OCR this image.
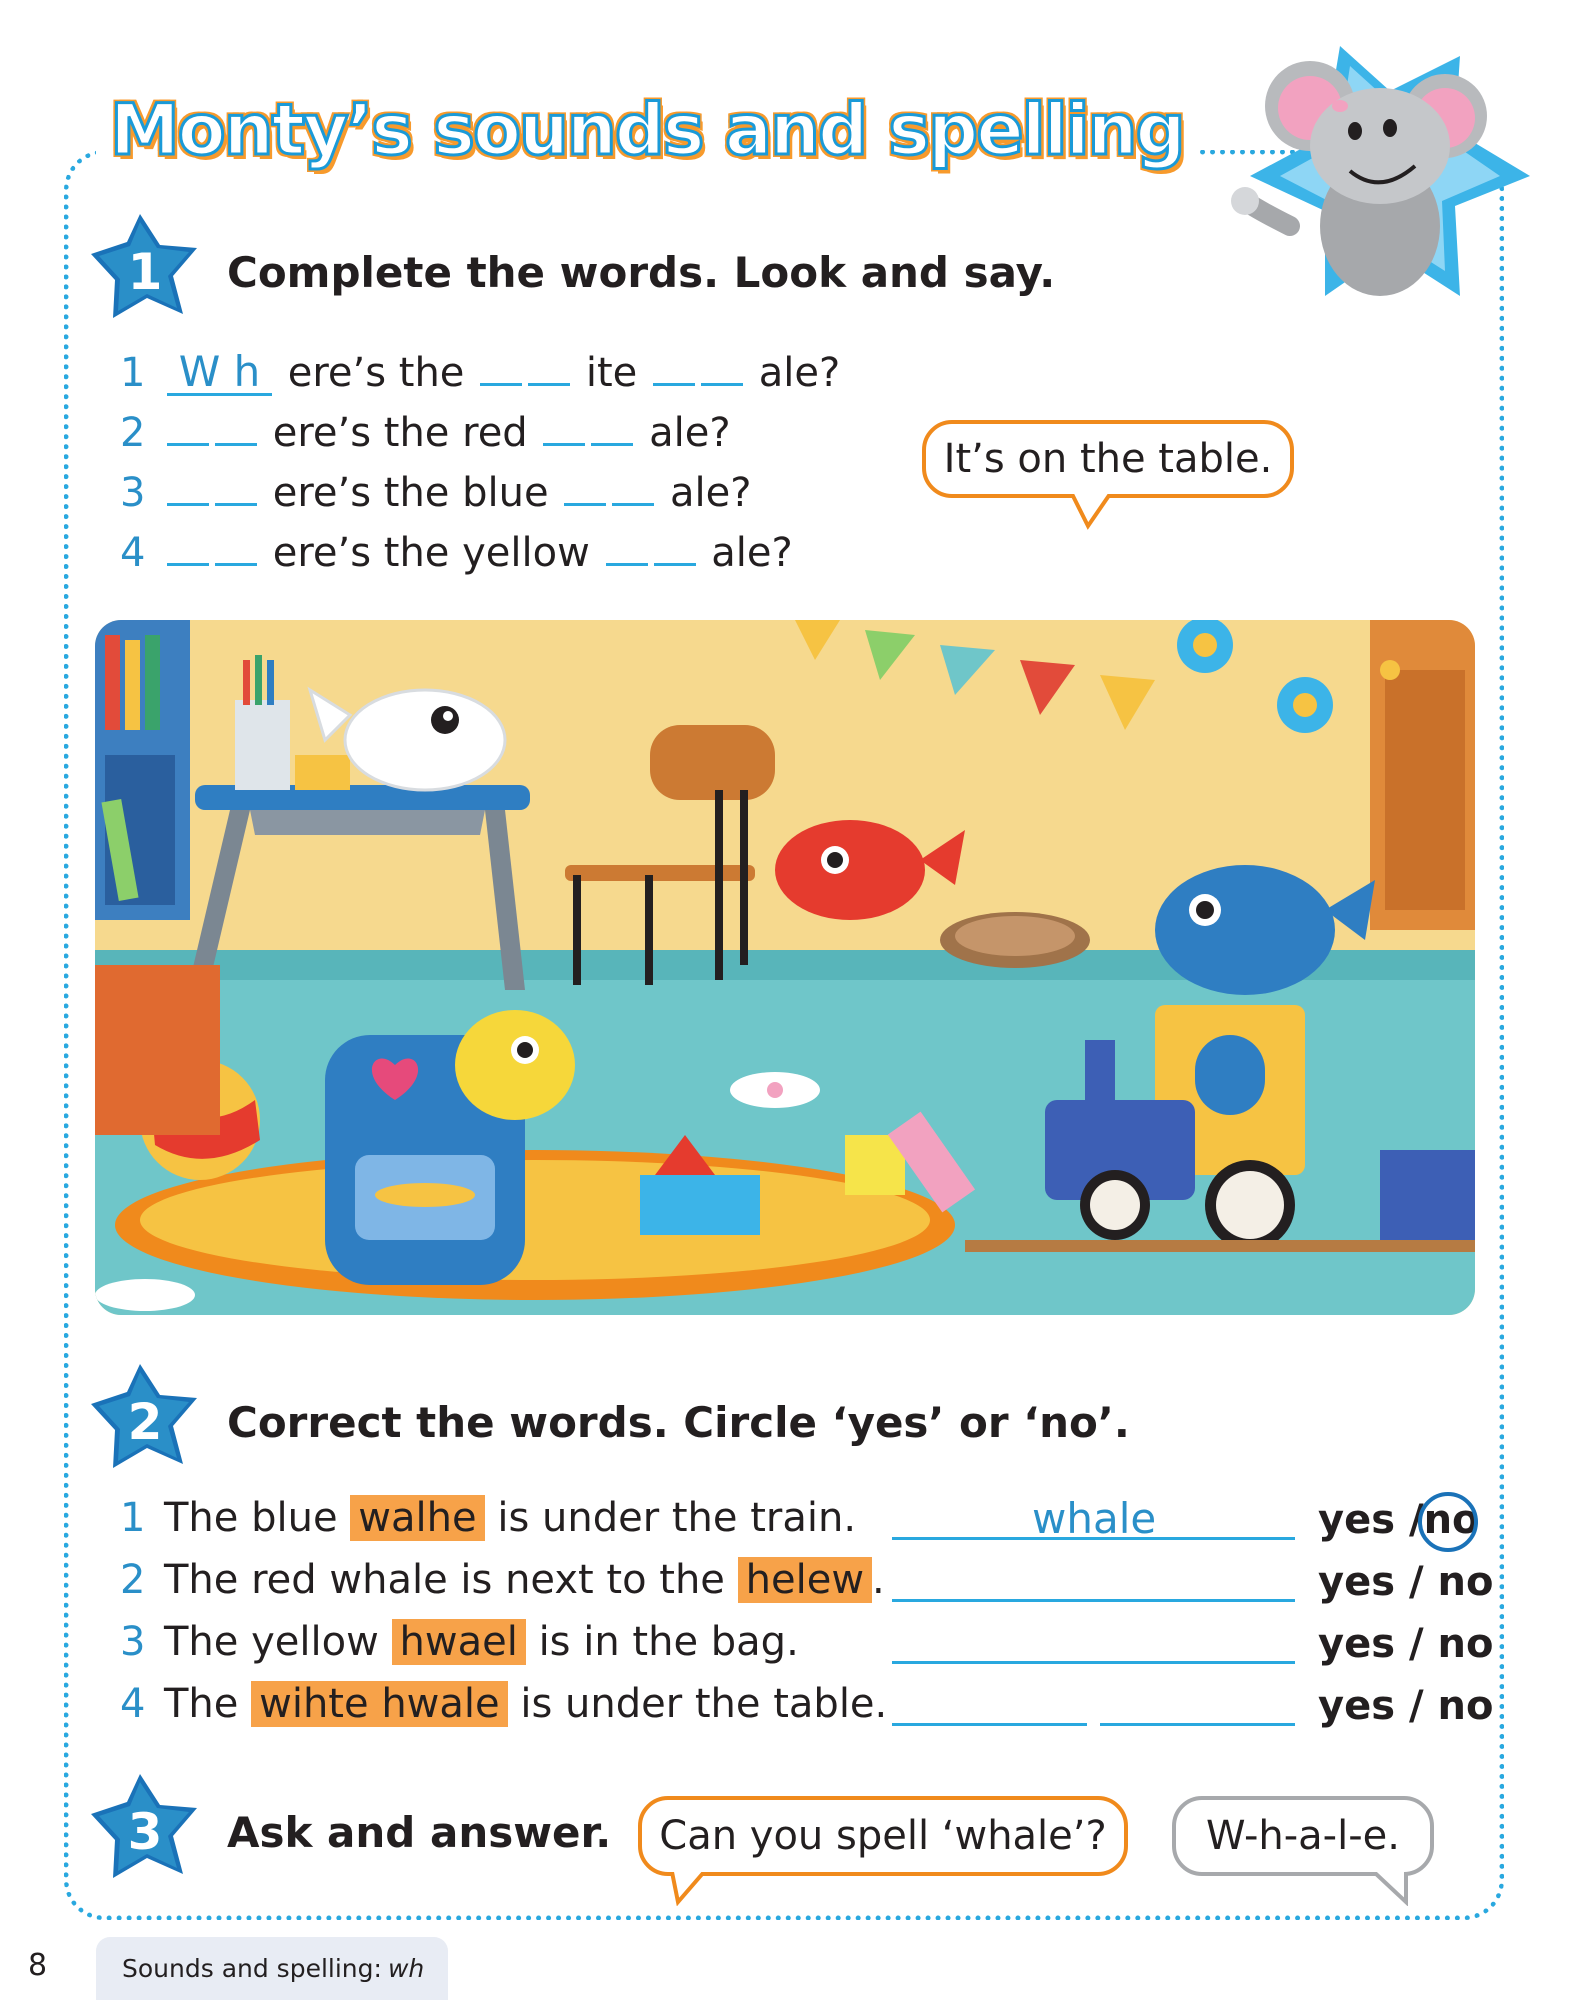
Monty’s sounds and spelling
1	Complete the words. Look and say.
1 W h ere’s the	ite	ale?
2	ere’s the red	ale?
3	ere’s the blue	ale?
4	ere’s the yellow	ale?
It’s on the table.
2	Correct the words. Circle ‘yes’ or ‘no’.
1 The blue walhe is under the train.	whale	yes /no
2 The red whale is next to the helew .	yes / no
3 The yellow hwael is in the bag.	yes / no
4 The wihte hwale is under the table.	yes / no
3	Ask and answer.	Can you spell ‘whale’?	W-h-a-l-e.
8	Sounds and spelling: wh
